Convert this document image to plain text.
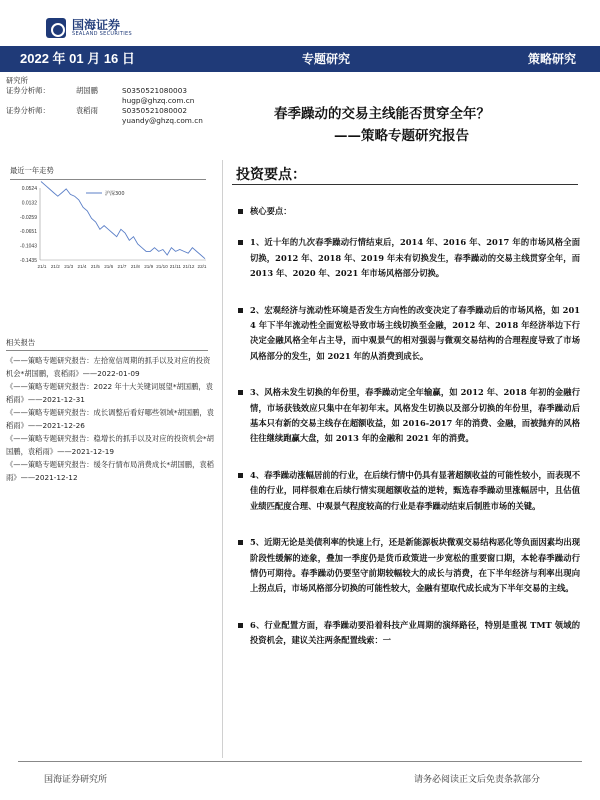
国海证券
SEALAND SECURITIES
2022 年 01 月 16 日	专题研究	策略研究
研究所
证券分析师：	胡国鹏	S0350521080003
hugp@ghzq.com.cn
证券分析师：	袁稻雨	S0350521080002
yuandy@ghzq.com.cn
最近一年走势
0.0524
0.0132
-0.0259
-0.0651
-0.1043
-0.1435
21/1 21/2 21/3 21/4 21/5 21/6 21/7 21/8 21/9 21/10 21/11 21/12 22/1
沪深300
相关报告
《——策略专题研究报告：左拾宽信周期的抓手以及对应的投资机会*胡国鹏，袁稻雨》——2022-01-09
《——策略专题研究报告：2022 年十大关键词展望*胡国鹏，袁稻雨》——2021-12-31
《——策略专题研究报告：成长调整后看好哪些领域*胡国鹏，袁稻雨》——2021-12-26
《——策略专题研究报告：稳增长的抓手以及对应的投资机会*胡国鹏，袁稻雨》——2021-12-19
《——策略专题研究报告：缓冬行情布局消费成长*胡国鹏，袁稻雨》——2021-12-12
春季躁动的交易主线能否贯穿全年？
——策略专题研究报告
投资要点：

核心要点：

1、近十年的九次春季躁动行情结束后，2014 年、2016 年、2017 年的市场风格全面切换，2012 年、2018 年、2019 年未有切换发生，春季躁动的交易主线贯穿全年，而 2013 年、2020 年、2021 年市场风格部分切换。

2、宏观经济与流动性环境是否发生方向性的改变决定了春季躁动后的市场风格，如 2014 年下半年流动性全面宽松导致市场主线切换至金融，2012 年、2018 年经济举边下行决定金融风格全年占主导，而中观景气的相对强弱与微观交易结构的合理程度导致了市场风格部分的发生，如 2021 年的从消费到成长。

3、风格未发生切换的年份里，春季躁动定全年输赢，如 2012 年、2018 年初的金融行情，市场获钱效应只集中在年初年末。风格发生切换以及部分切换的年份里，春季躁动后基本只有新的交易主线存在超额收益，如 2016-2017 年的消费、金融，而被抛弃的风格往往继续跑赢大盘，如 2013 年的金融和 2021 年的消费。

4、春季躁动涨幅居前的行业，在后续行情中仍具有显著超额收益的可能性较小，而表现不佳的行业，同样很难在后续行情实现超额收益的逆转，甄选春季躁动里涨幅居中，且估值业绩匹配度合理、中观景气程度较高的行业是春季躁动结束后制胜市场的关键。

5、近期无论是美债利率的快速上行，还是新能源板块微观交易结构恶化等负面因素均出现阶段性缓解的迹象，叠加一季度仍是货币政策进一步宽松的重要窗口期，本轮春季躁动行情仍可期待。春季躁动仍要坚守前期较幅较大的成长与消费，在下半年经济与利率出现向上拐点后，市场风格部分切换的可能性较大，金融有望取代成长成为下半年交易的主线。

6、行业配置方面，春季躁动要沿着科技产业周期的演绎路径，特别是重视 TMT 领域的投资机会，建议关注两条配置线索：一

国海证券研究所	请务必阅读正文后免责条款部分
